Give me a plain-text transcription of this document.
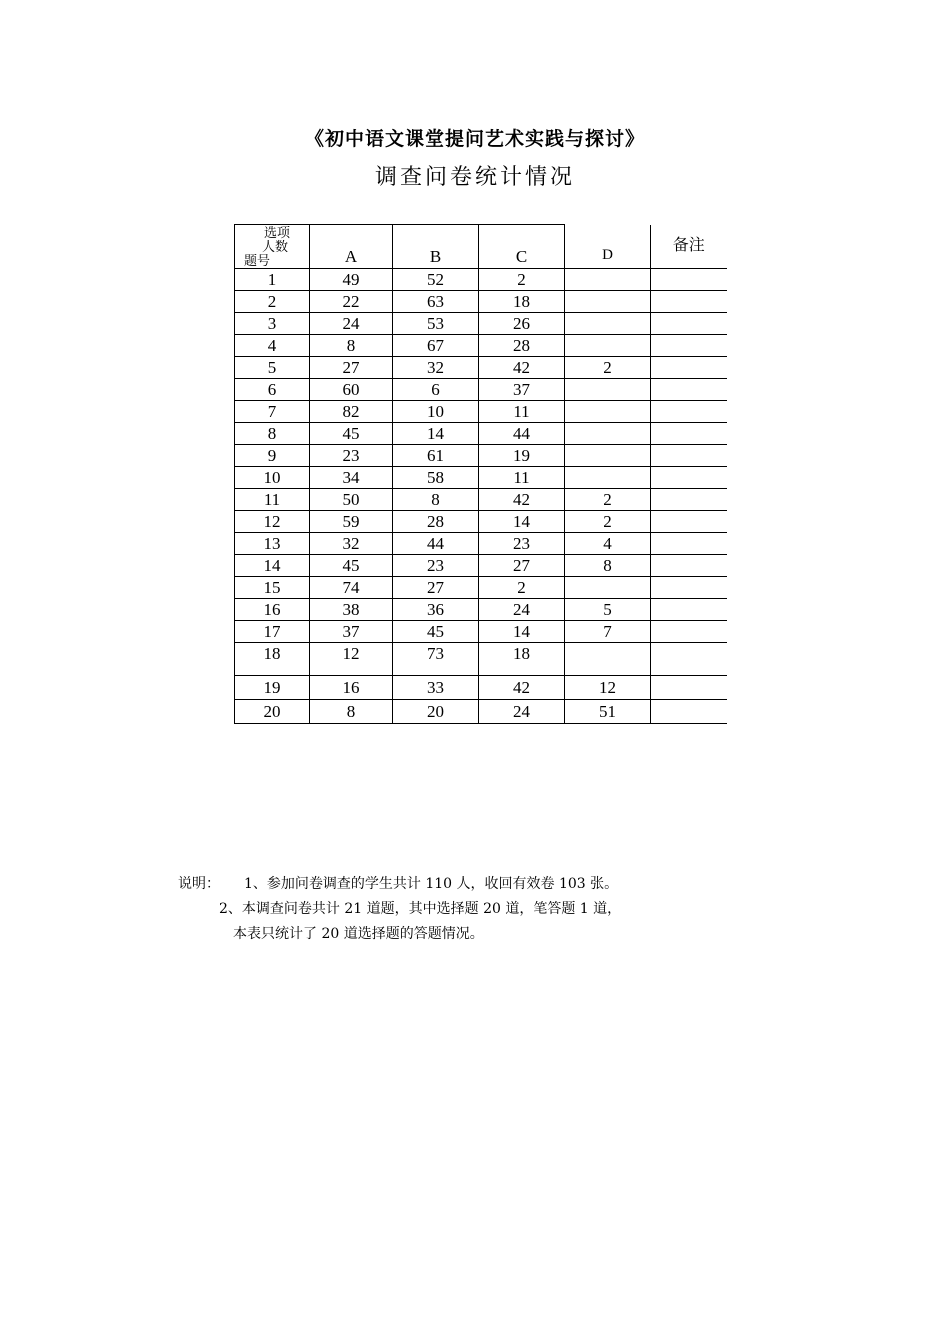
《初中语文课堂提问艺术实践与探讨》
调查问卷统计情况
选项
人数
题号	A	B	C	D	备注
1	49	52	2		
2	22	63	18		
3	24	53	26		
4	8	67	28		
5	27	32	42	2	
6	60	6	37		
7	82	10	11		
8	45	14	44		
9	23	61	19		
10	34	58	11		
11	50	8	42	2	
12	59	28	14	2	
13	32	44	23	4	
14	45	23	27	8	
15	74	27	2		
16	38	36	24	5	
17	37	45	14	7	
18	12	73	18		
19	16	33	42	12	
20	8	20	24	51	
说明： 1、参加问卷调查的学生共计 110 人，收回有效卷 103 张。
2、本调查问卷共计 21 道题，其中选择题 20 道，笔答题 1 道，
本表只统计了 20 道选择题的答题情况。
